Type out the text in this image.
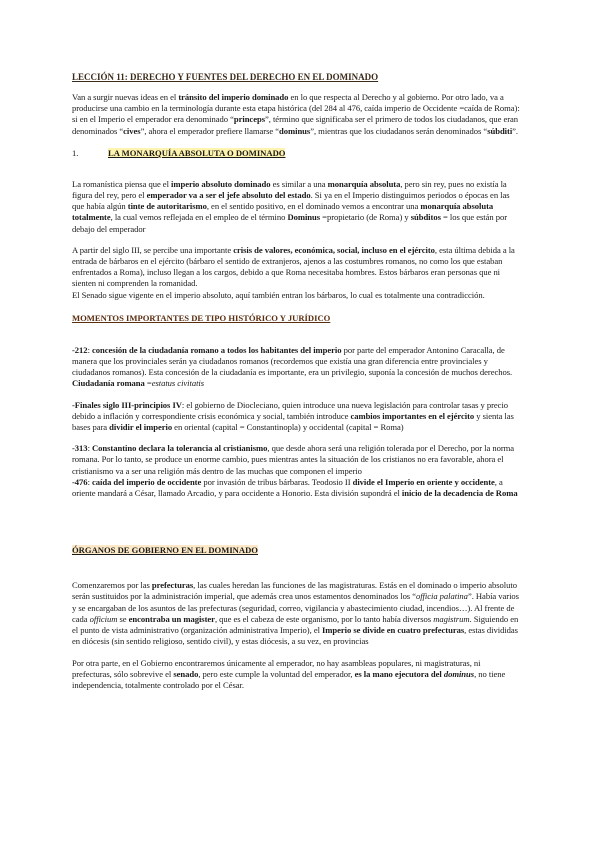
LECCIÓN 11: DERECHO Y FUENTES DEL DERECHO EN EL DOMINADO

Van a surgir nuevas ideas en el tránsito del imperio dominado en lo que respecta al Derecho y al gobierno. Por otro lado, va a producirse una cambio en la terminología durante esta etapa histórica (del 284 al 476, caída imperio de Occidente =caída de Roma): si en el Imperio el emperador era denominado “princeps”, término que significaba ser el primero de todos los ciudadanos, que eran denominados “cives”, ahora el emperador prefiere llamarse “dominus”, mientras que los ciudadanos serán denominados “súbditi”.

1.	LA MONARQUÍA ABSOLUTA O DOMINADO

La romanística piensa que el imperio absoluto dominado es similar a una monarquía absoluta, pero sin rey, pues no existía la figura del rey, pero el emperador va a ser el jefe absoluto del estado. Si ya en el Imperio distinguimos periodos o épocas en las que había algún tinte de autoritarismo, en el sentido positivo, en el dominado vemos a encontrar una monarquía absoluta totalmente, la cual vemos reflejada en el empleo de el término Dominus =propietario (de Roma) y súbditos = los que están por debajo del emperador

A partir del siglo III, se percibe una importante crisis de valores, económica, social, incluso en el ejército, esta última debida a la entrada de bárbaros en el ejército (bárbaro el sentido de extranjeros, ajenos a las costumbres romanos, no como los que estaban enfrentados a Roma), incluso llegan a los cargos, debido a que Roma necesitaba hombres. Estos bárbaros eran personas que ni sienten ni comprenden la romanidad.

El Senado sigue vigente en el imperio absoluto, aquí también entran los bárbaros, lo cual es totalmente una contradicción.

MOMENTOS IMPORTANTES DE TIPO HISTÓRICO Y JURÍDICO

-212: concesión de la ciudadanía romano a todos los habitantes del imperio por parte del emperador Antonino Caracalla, de manera que los provinciales serán ya ciudadanos romanos (recordemos que existía una gran diferencia entre provinciales y ciudadanos romanos). Esta concesión de la ciudadanía es importante, era un privilegio, suponía la concesión de muchos derechos. Ciudadanía romana =estatus civitatis

-Finales siglo III-principios IV: el gobierno de Diocleciano, quien introduce una nueva legislación para controlar tasas y precio debido a inflación y correspondiente crisis económica y social, también introduce cambios importantes en el ejército y sienta las bases para dividir el imperio en oriental (capital = Constantinopla) y occidental (capital = Roma)

-313: Constantino declara la tolerancia al cristianismo, que desde ahora será una religión tolerada por el Derecho, por la norma romana. Por lo tanto, se produce un enorme cambio, pues mientras antes la situación de los cristianos no era favorable, ahora el cristianismo va a ser una religión más dentro de las muchas que componen el imperio

-476: caída del imperio de occidente por invasión de tribus bárbaras. Teodosio II divide el Imperio en oriente y occidente, a oriente mandará a César, llamado Arcadio, y para occidente a Honorio. Esta división supondrá el inicio de la decadencia de Roma

ÓRGANOS DE GOBIERNO EN EL DOMINADO

Comenzaremos por las prefecturas, las cuales heredan las funciones de las magistraturas. Estás en el dominado o imperio absoluto serán sustituidos por la administración imperial, que además crea unos estamentos denominados los “officia palatina”. Había varios y se encargaban de los asuntos de las prefecturas (seguridad, correo, vigilancia y abastecimiento ciudad, incendios…). Al frente de cada officium se encontraba un magister, que es el cabeza de este organismo, por lo tanto había diversos magistrum. Siguiendo en el punto de vista administrativo (organización administrativa Imperio), el Imperio se divide en cuatro prefecturas, estas divididas en diócesis (sin sentido religioso, sentido civil), y estas diócesis, a su vez, en provincias

Por otra parte, en el Gobierno encontraremos únicamente al emperador, no hay asambleas populares, ni magistraturas, ni prefecturas, sólo sobrevive el senado, pero este cumple la voluntad del emperador, es la mano ejecutora del dominus, no tiene independencia, totalmente controlado por el César.
